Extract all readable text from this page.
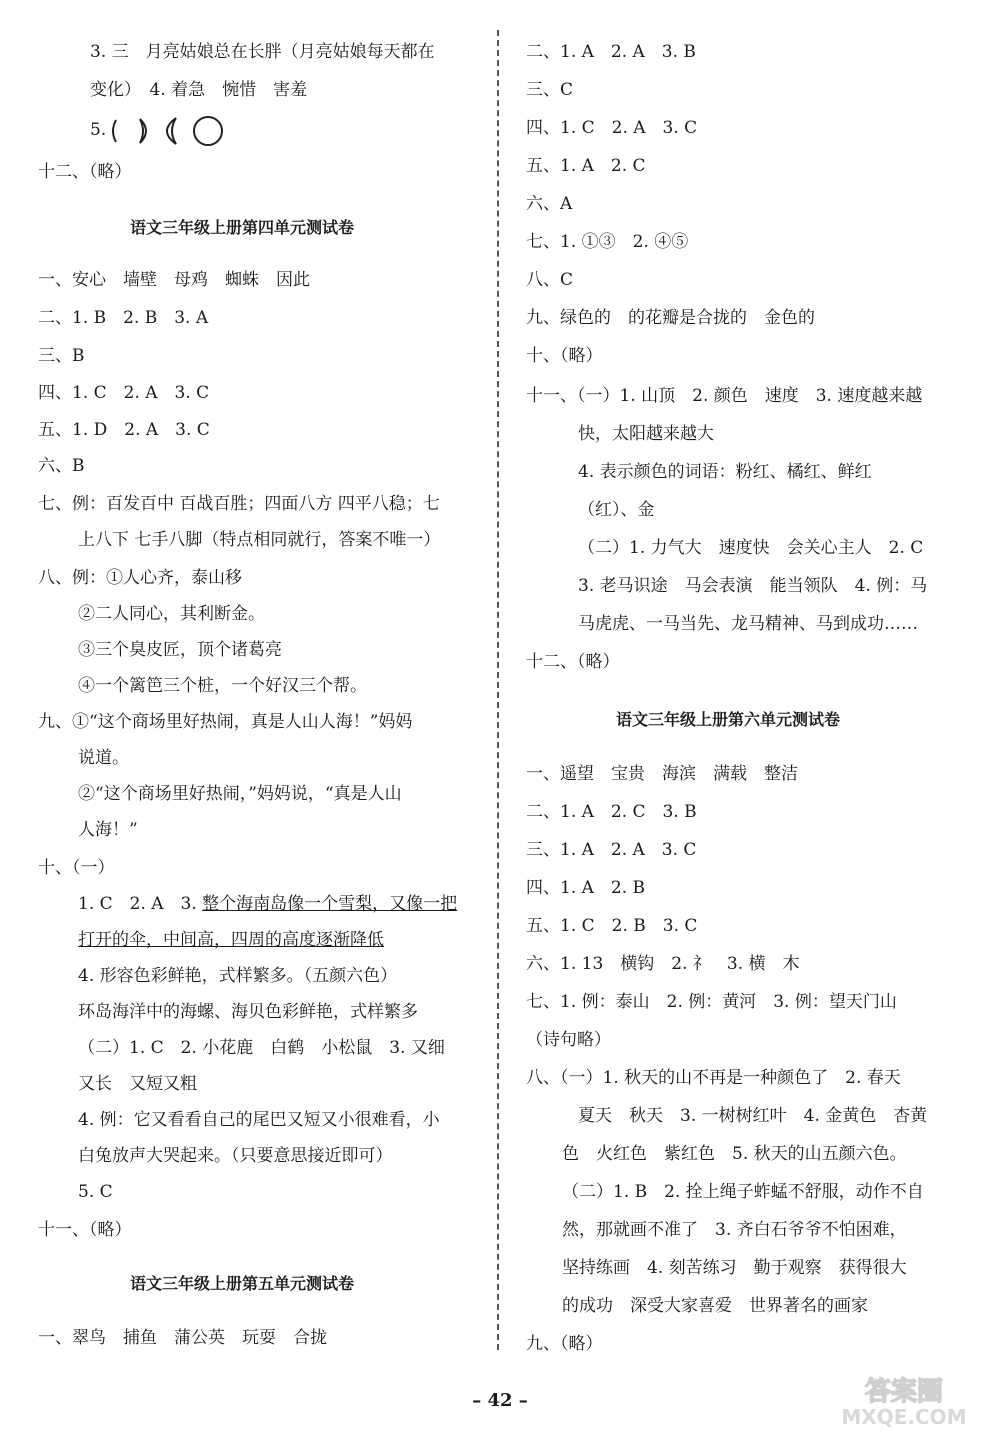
3. 三　月亮姑娘总在长胖（月亮姑娘每天都在
变化）　4. 着急　惋惜　害羞
5.
十二、（略）
语文三年级上册第四单元测试卷
一、安心　墙壁　母鸡　蜘蛛　因此
二、1. B　2. B　3. A
三、B
四、1. C　2. A　3. C
五、1. D　2. A　3. C
六、B
七、例：百发百中 百战百胜；四面八方 四平八稳；七
上八下 七手八脚（特点相同就行，答案不唯一）
八、例：①人心齐，泰山移
②二人同心，其利断金。
③三个臭皮匠，顶个诸葛亮
④一个篱笆三个桩，一个好汉三个帮。
九、①“这个商场里好热闹，真是人山人海！”妈妈
说道。
②“这个商场里好热闹，”妈妈说，“真是人山
人海！”
十、（一）
1. C　2. A　3. 整个海南岛像一个雪梨，又像一把
打开的伞，中间高，四周的高度逐渐降低
4. 形容色彩鲜艳，式样繁多。（五颜六色）
环岛海洋中的海螺、海贝色彩鲜艳，式样繁多
（二）1. C　2. 小花鹿　白鹤　小松鼠　3. 又细
又长　又短又粗
4. 例：它又看看自己的尾巴又短又小很难看，小
白兔放声大哭起来。（只要意思接近即可）
5. C
十一、（略）
语文三年级上册第五单元测试卷
一、翠鸟　捕鱼　蒲公英　玩耍　合拢
二、1. A　2. A　3. B
三、C
四、1. C　2. A　3. C
五、1. A　2. C
六、A
七、1. ①③　2. ④⑤
八、C
九、绿色的　的花瓣是合拢的　金色的
十、（略）
十一、（一）1. 山顶　2. 颜色　速度　3. 速度越来越
快，太阳越来越大
4. 表示颜色的词语：粉红、橘红、鲜红
（红）、金
（二）1. 力气大　速度快　会关心主人　2. C
3. 老马识途　马会表演　能当领队　4. 例：马
马虎虎、一马当先、龙马精神、马到成功……
十二、（略）
语文三年级上册第六单元测试卷
一、遥望　宝贵　海滨　满载　整洁
二、1. A　2. C　3. B
三、1. A　2. A　3. C
四、1. A　2. B
五、1. C　2. B　3. C
六、1. 13　横钩　2. 礻　3. 横　木
七、1. 例：泰山　2. 例：黄河　3. 例：望天门山
（诗句略）
八、（一）1. 秋天的山不再是一种颜色了　2. 春天
夏天　秋天　3. 一树树红叶　4. 金黄色　杏黄
色　火红色　紫红色　5. 秋天的山五颜六色。
（二）1. B　2. 拴上绳子蚱蜢不舒服，动作不自
然，那就画不准了　3. 齐白石爷爷不怕困难，
坚持练画　4. 刻苦练习　勤于观察　获得很大
的成功　深受大家喜爱　世界著名的画家
九、（略）
– 42 –	答案圈
MXQE.COM
